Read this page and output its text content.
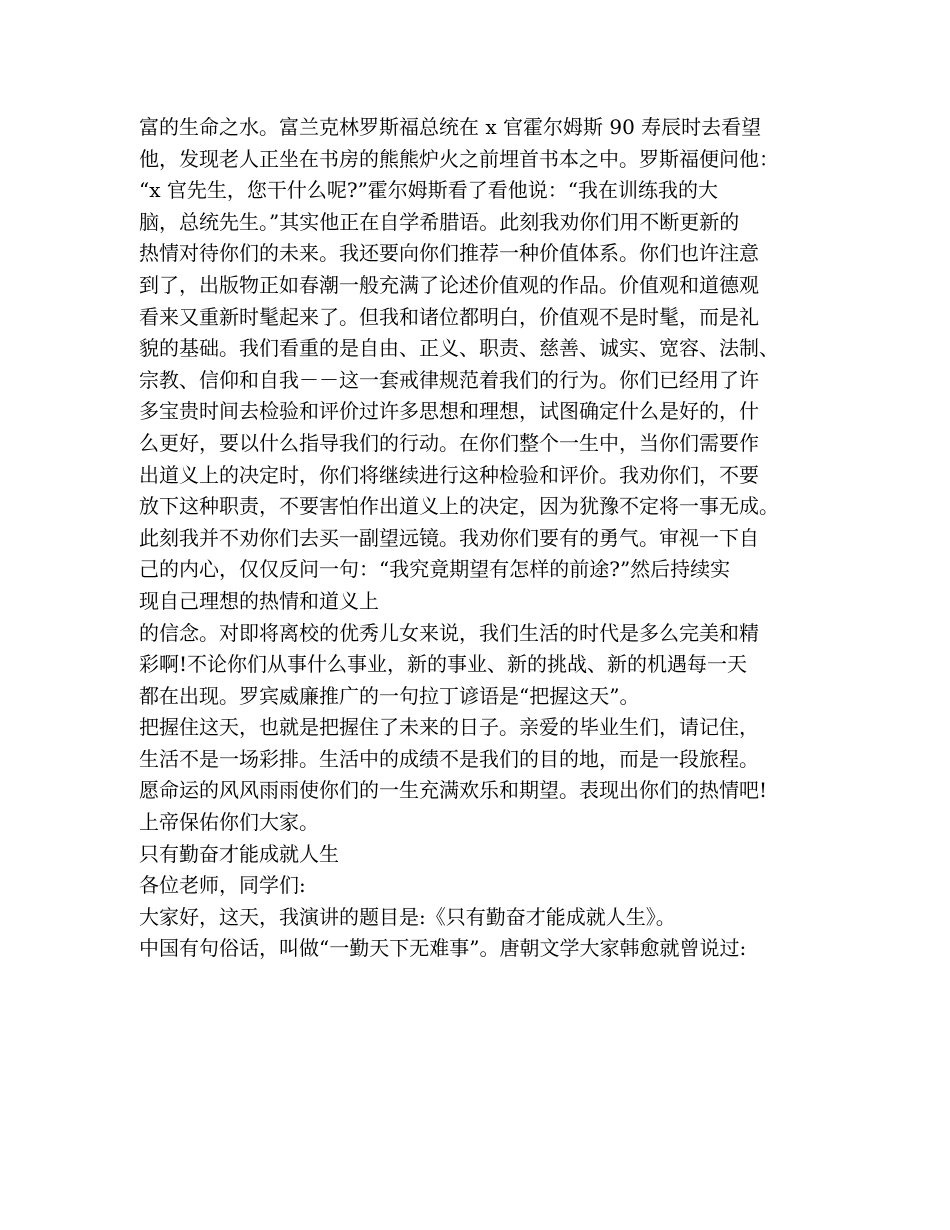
富的生命之水。富兰克林罗斯福总统在 x 官霍尔姆斯 90 寿辰时去看望
他，发现老人正坐在书房的熊熊炉火之前埋首书本之中。罗斯福便问他：
“x 官先生，您干什么呢?”霍尔姆斯看了看他说：“我在训练我的大
脑，总统先生。”其实他正在自学希腊语。此刻我劝你们用不断更新的
热情对待你们的未来。我还要向你们推荐一种价值体系。你们也许注意
到了，出版物正如春潮一般充满了论述价值观的作品。价值观和道德观
看来又重新时髦起来了。但我和诸位都明白，价值观不是时髦，而是礼
貌的基础。我们看重的是自由、正义、职责、慈善、诚实、宽容、法制、
宗教、信仰和自我－－这一套戒律规范着我们的行为。你们已经用了许
多宝贵时间去检验和评价过许多思想和理想，试图确定什么是好的，什
么更好，要以什么指导我们的行动。在你们整个一生中，当你们需要作
出道义上的决定时，你们将继续进行这种检验和评价。我劝你们，不要
放下这种职责，不要害怕作出道义上的决定，因为犹豫不定将一事无成。
此刻我并不劝你们去买一副望远镜。我劝你们要有的勇气。审视一下自
己的内心，仅仅反问一句：“我究竟期望有怎样的前途?”然后持续实
现自己理想的热情和道义上
的信念。对即将离校的优秀儿女来说，我们生活的时代是多么完美和精
彩啊!不论你们从事什么事业，新的事业、新的挑战、新的机遇每一天
都在出现。罗宾威廉推广的一句拉丁谚语是“把握这天”。
把握住这天，也就是把握住了未来的日子。亲爱的毕业生们，请记住，
生活不是一场彩排。生活中的成绩不是我们的目的地，而是一段旅程。
愿命运的风风雨雨使你们的一生充满欢乐和期望。表现出你们的热情吧!
上帝保佑你们大家。
只有勤奋才能成就人生
各位老师，同学们:
大家好，这天，我演讲的题目是:《只有勤奋才能成就人生》。
中国有句俗话，叫做“一勤天下无难事”。唐朝文学大家韩愈就曾说过:
